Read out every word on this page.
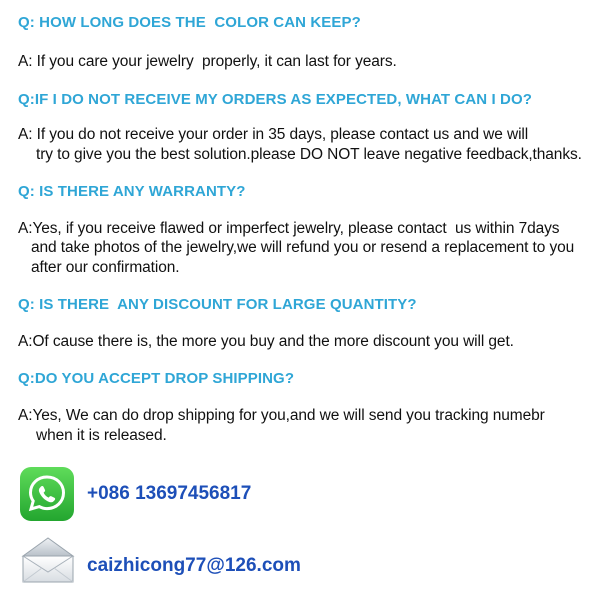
Q: HOW LONG DOES THE  COLOR CAN KEEP?
A: If you care your jewelry  properly, it can last for years.
Q:IF I DO NOT RECEIVE MY ORDERS AS EXPECTED, WHAT CAN I DO?
A: If you do not receive your order in 35 days, please contact us and we will
try to give you the best solution.please DO NOT leave negative feedback,thanks.
Q: IS THERE ANY WARRANTY?
A:Yes, if you receive flawed or imperfect jewelry, please contact  us within 7days
and take photos of the jewelry,we will refund you or resend a replacement to you
after our confirmation.
Q: IS THERE  ANY DISCOUNT FOR LARGE QUANTITY?
A:Of cause there is, the more you buy and the more discount you will get.
Q:DO YOU ACCEPT DROP SHIPPING?
A:Yes, We can do drop shipping for you,and we will send you tracking numebr
when it is released.
+086 13697456817
caizhicong77@126.com
